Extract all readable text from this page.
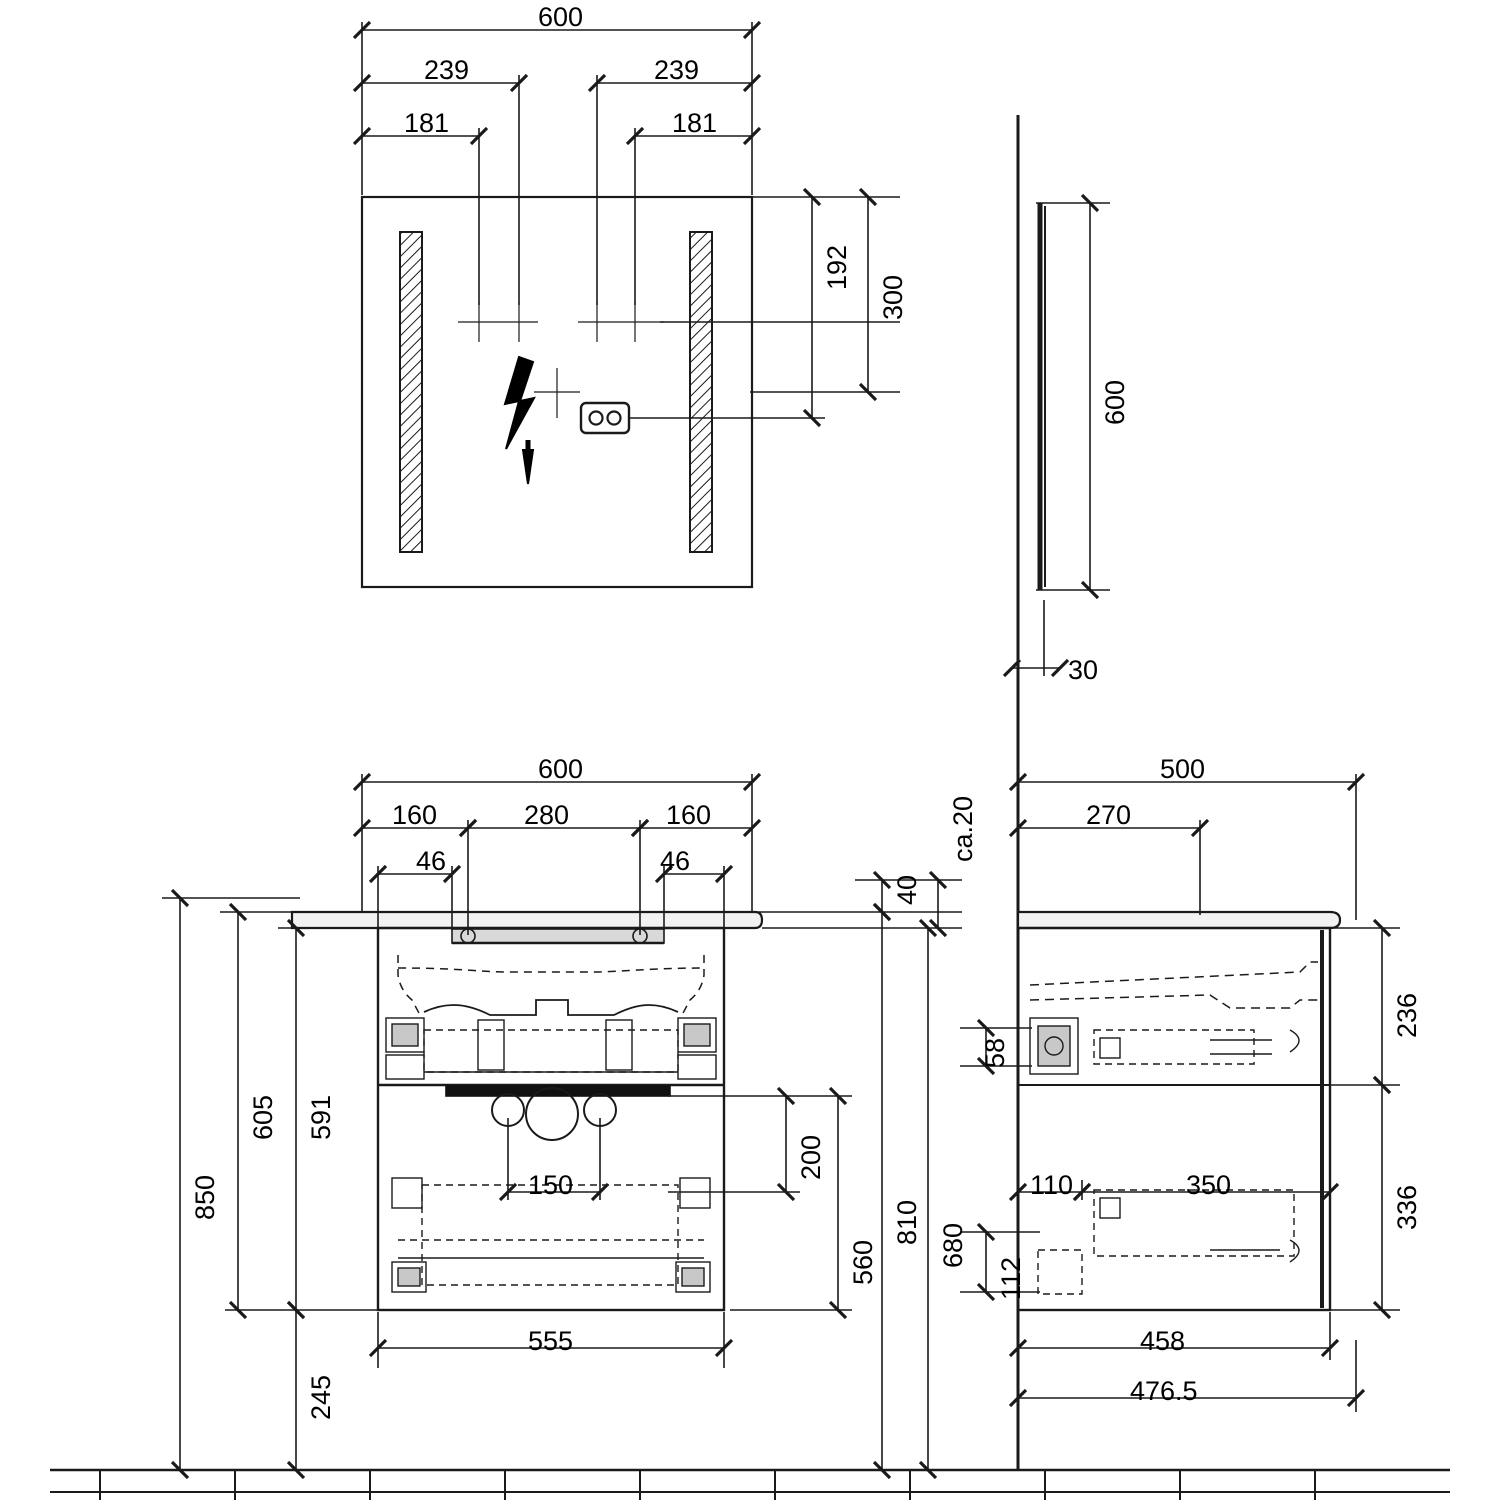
600
239	239
181	181
192
300
600
30
600
160	280	160
46	46
150
555
850
605 591
245
200
560
810
680
40
ca.20
500
270
110	350
458
476.5
236
336
58
112
